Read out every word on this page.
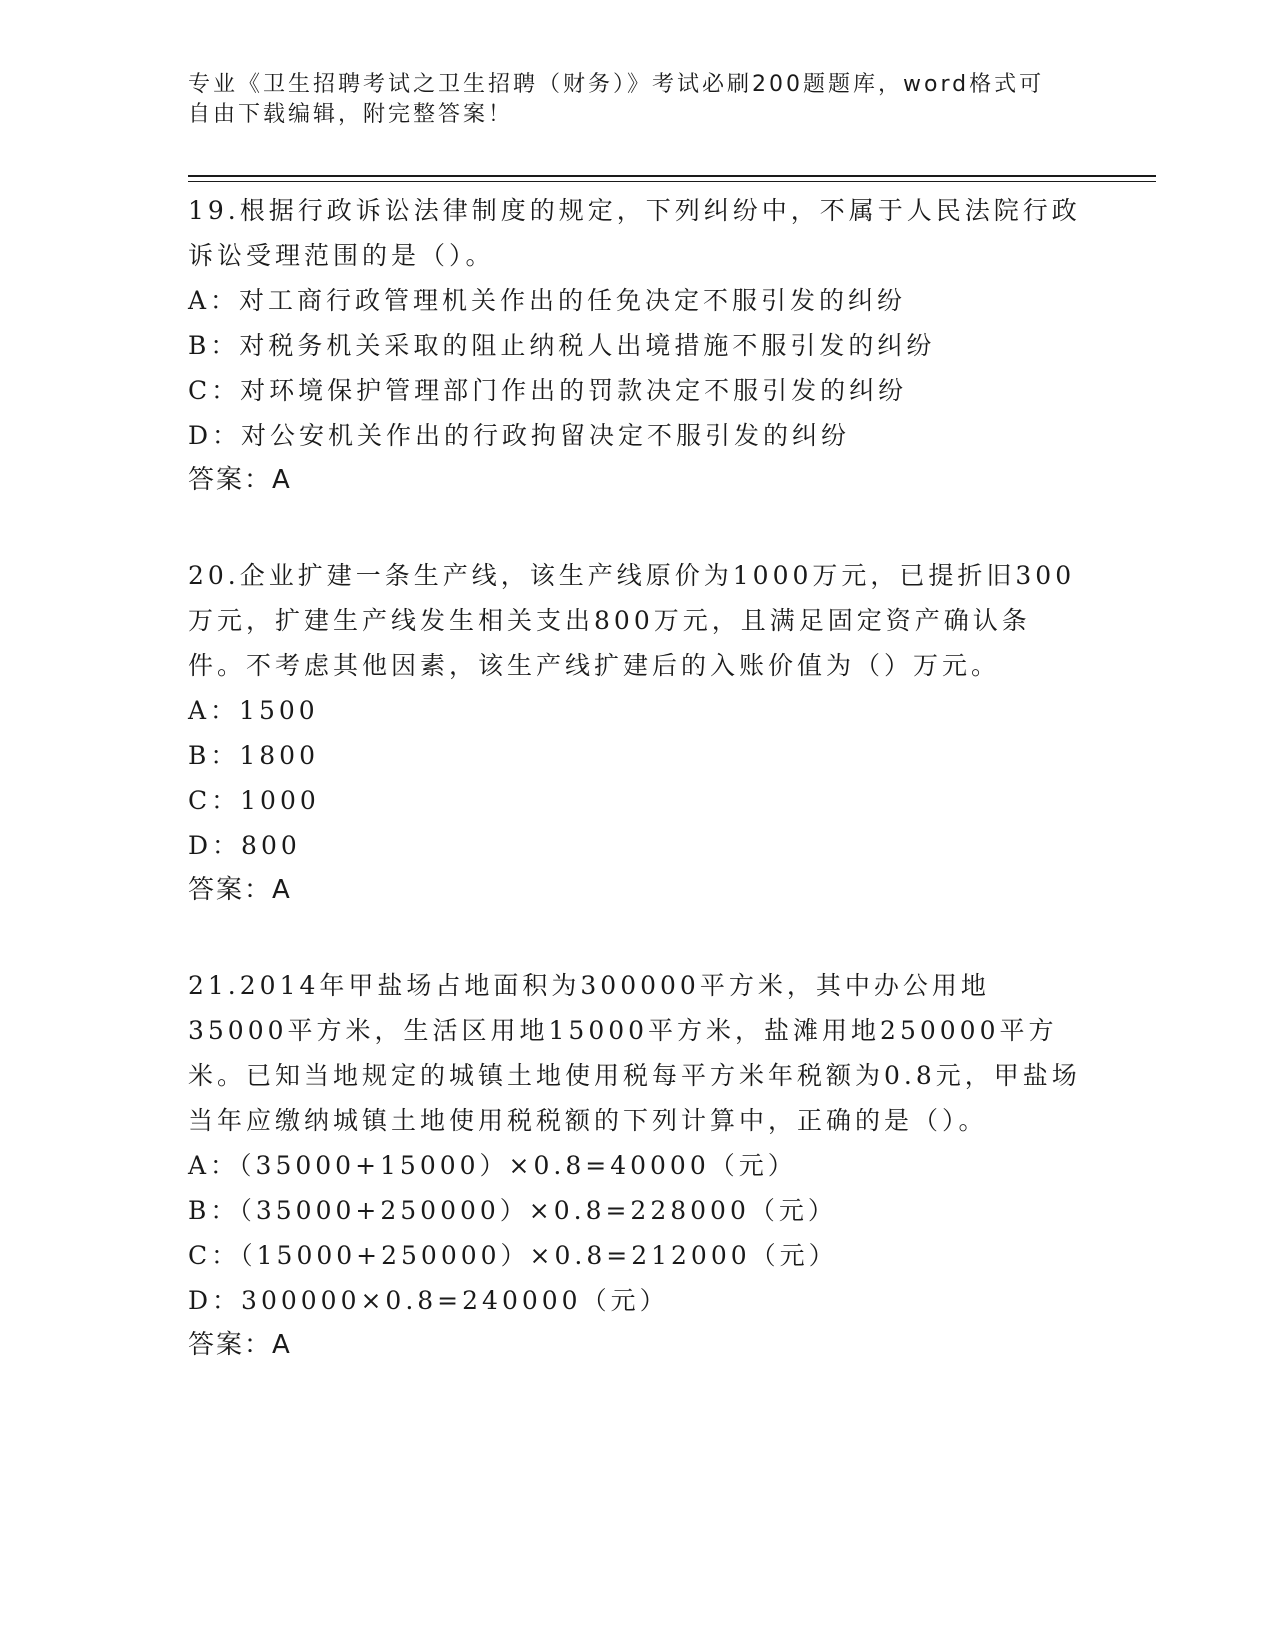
专业《卫生招聘考试之卫生招聘（财务）》考试必刷200题题库，word格式可自由下载编辑，附完整答案！
19.根据行政诉讼法律制度的规定，下列纠纷中，不属于人民法院行政诉讼受理范围的是（）。
A：对工商行政管理机关作出的任免决定不服引发的纠纷
B：对税务机关采取的阻止纳税人出境措施不服引发的纠纷
C：对环境保护管理部门作出的罚款决定不服引发的纠纷
D：对公安机关作出的行政拘留决定不服引发的纠纷
答案：A
20.企业扩建一条生产线，该生产线原价为1000万元，已提折旧300万元，扩建生产线发生相关支出800万元，且满足固定资产确认条件。不考虑其他因素，该生产线扩建后的入账价值为（）万元。
A：1500
B：1800
C：1000
D：800
答案：A
21.2014年甲盐场占地面积为300000平方米，其中办公用地35000平方米，生活区用地15000平方米，盐滩用地250000平方米。已知当地规定的城镇土地使用税每平方米年税额为0.8元，甲盐场当年应缴纳城镇土地使用税税额的下列计算中，正确的是（）。
A：（35000+15000）×0.8=40000（元）
B：（35000+250000）×0.8=228000（元）
C：（15000+250000）×0.8=212000（元）
D：300000×0.8=240000（元）
答案：A
